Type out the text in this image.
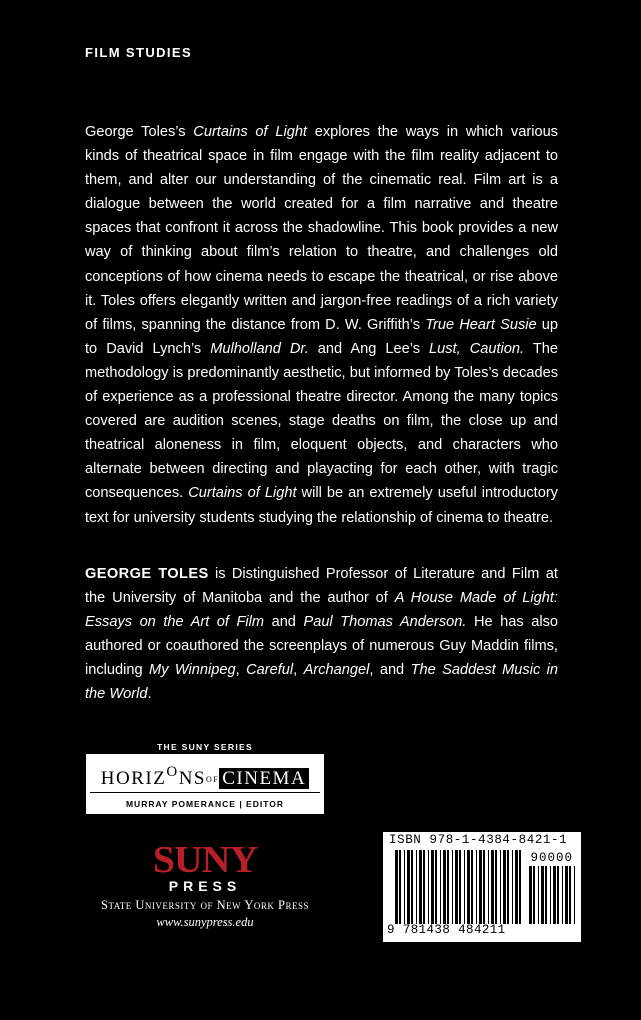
FILM STUDIES

George Toles’s Curtains of Light explores the ways in which various kinds of theatrical space in film engage with the film reality adjacent to them, and alter our understanding of the cinematic real. Film art is a dialogue between the world created for a film narrative and theatre spaces that confront it across the shadowline. This book provides a new way of thinking about film’s relation to theatre, and challenges old conceptions of how cinema needs to escape the theatrical, or rise above it. Toles offers elegantly written and jargon-free readings of a rich variety of films, spanning the distance from D. W. Griffith’s True Heart Susie up to David Lynch’s Mulholland Dr. and Ang Lee’s Lust, Caution. The methodology is predominantly aesthetic, but informed by Toles’s decades of experience as a professional theatre director. Among the many topics covered are audition scenes, stage deaths on film, the close up and theatrical aloneness in film, eloquent objects, and characters who alternate between directing and playacting for each other, with tragic consequences. Curtains of Light will be an extremely useful introductory text for university students studying the relationship of cinema to theatre.

GEORGE TOLES is Distinguished Professor of Literature and Film at the University of Manitoba and the author of A House Made of Light: Essays on the Art of Film and Paul Thomas Anderson. He has also authored or coauthored the screenplays of numerous Guy Maddin films, including My Winnipeg, Careful, Archangel, and The Saddest Music in the World.

THE SUNY SERIES
$HORIZ^ONSOF$ CINEMA
MURRAY POMERANCE | EDITOR
SUNY
PRESS
State University of New York Press
www.sunypress.edu
ISBN 978-1-4384-8421-1
90000
9 781438 484211
